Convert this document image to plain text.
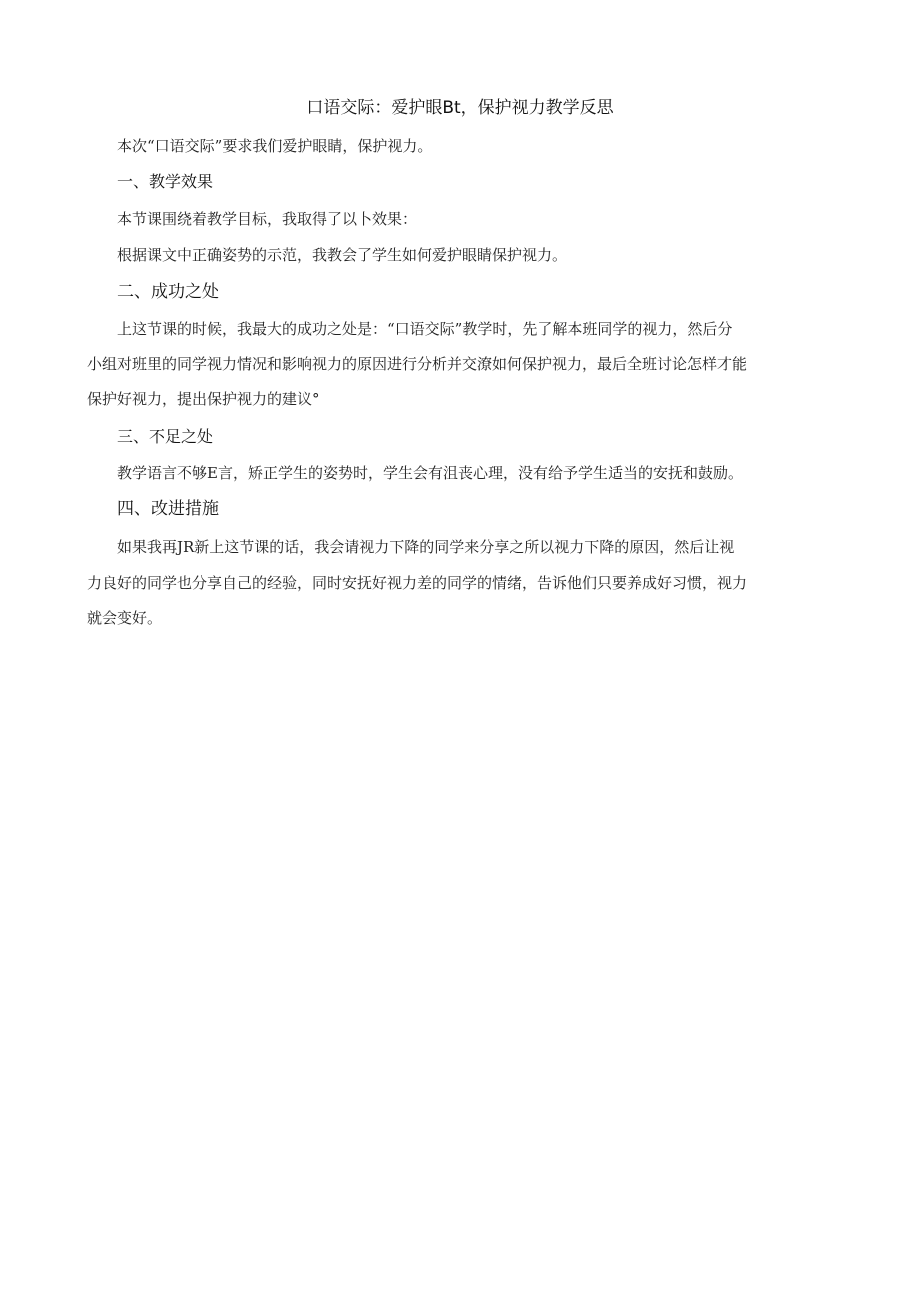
口语交际：爱护眼Bt，保护视力教学反思
本次“口语交际”要求我们爱护眼睛，保护视力。
一、教学效果
本节课围绕着教学目标，我取得了以卜效果：
根据课文中正确姿势的示范，我教会了学生如何爱护眼睛保护视力。
二、成功之处
上这节课的时候，我最大的成功之处是：“口语交际”教学时，先了解本班同学的视力，然后分
小组对班里的同学视力情况和影响视力的原因进行分析并交潦如何保护视力，最后全班讨论怎样才能
保护好视力，提出保护视力的建议°
三、不足之处
教学语言不够E言，矫正学生的姿势时，学生会有沮丧心理，没有给予学生适当的安抚和鼓励。
四、改进措施
如果我再JR新上这节课的话，我会请视力下降的同学来分享之所以视力下降的原因，然后让视
力良好的同学也分享自己的经验，同时安抚好视力差的同学的情绪，告诉他们只要养成好习惯，视力
就会变好。
